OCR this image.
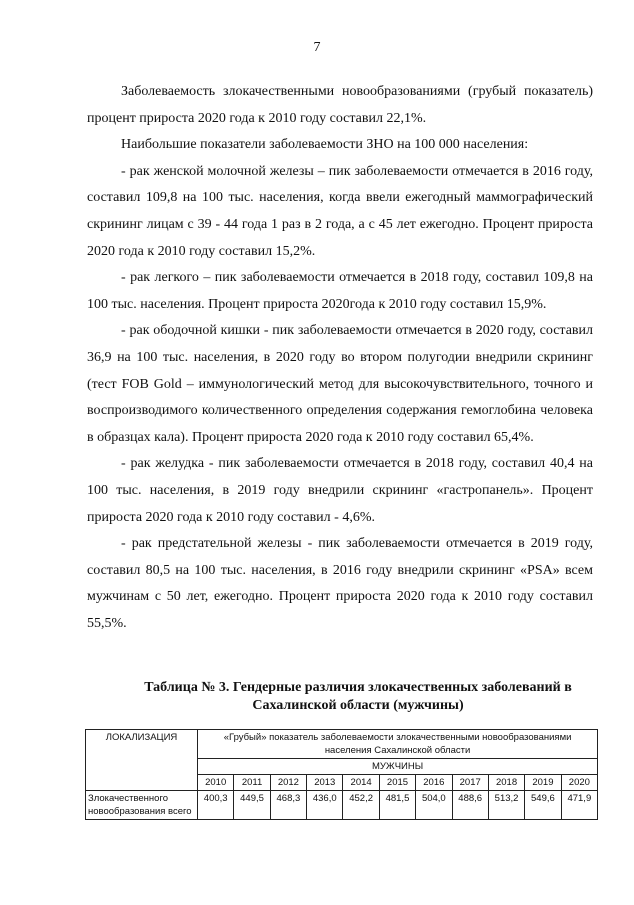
7

Заболеваемость злокачественными новообразованиями (грубый показатель) процент прироста 2020 года к 2010 году составил 22,1%.

Наибольшие показатели заболеваемости ЗНО на 100 000 населения:

- рак женской молочной железы – пик заболеваемости отмечается в 2016 году, составил 109,8 на 100 тыс. населения, когда ввели ежегодный маммографический скрининг лицам с 39 - 44 года 1 раз в 2 года, а с 45 лет ежегодно. Процент прироста 2020 года к 2010 году составил 15,2%.

- рак легкого – пик заболеваемости отмечается в 2018 году, составил 109,8 на 100 тыс. населения. Процент прироста 2020года к 2010 году составил 15,9%.

- рак ободочной кишки - пик заболеваемости отмечается в 2020 году, составил 36,9 на 100 тыс. населения, в 2020 году во втором полугодии внедрили скрининг (тест FOB Gold – иммунологический метод для высокочувствительного, точного и воспроизводимого количественного определения содержания гемоглобина человека в образцах кала). Процент прироста 2020 года к 2010 году составил 65,4%.

- рак желудка - пик заболеваемости отмечается в 2018 году, составил 40,4 на 100 тыс. населения, в 2019 году внедрили скрининг «гастропанель». Процент прироста 2020 года к 2010 году составил - 4,6%.

- рак предстательной железы - пик заболеваемости отмечается в 2019 году, составил 80,5 на 100 тыс. населения, в 2016 году внедрили скрининг «PSA» всем мужчинам с 50 лет, ежегодно. Процент прироста 2020 года к 2010 году составил 55,5%.

Таблица № 3. Гендерные различия злокачественных заболеваний в
Сахалинской области (мужчины)
ЛОКАЛИЗАЦИЯ	«Грубый» показатель заболеваемости злокачественными новообразованиями населения Сахалинской области										
	МУЖЧИНЫ										
	2010	2011	2012	2013	2014	2015	2016	2017	2018	2019	2020
Злокачественного новообразования всего	400,3	449,5	468,3	436,0	452,2	481,5	504,0	488,6	513,2	549,6	471,9
